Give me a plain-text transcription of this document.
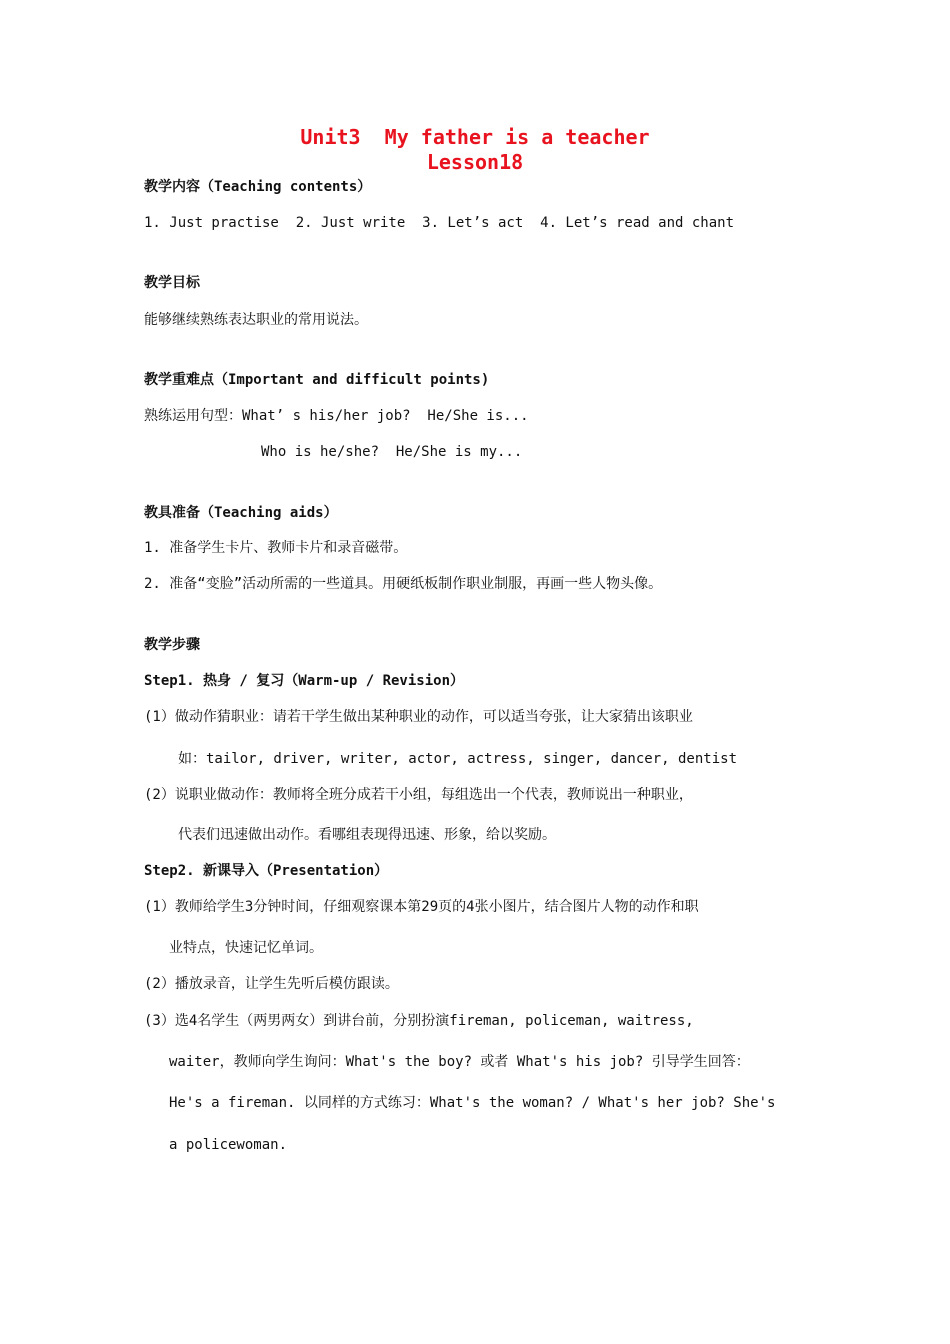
Unit3  My father is a teacher
Lesson18
教学内容（Teaching contents）
1. Just practise  2. Just write  3. Let’s act  4. Let’s read and chant
教学目标
能够继续熟练表达职业的常用说法。
教学重难点（Important and difficult points)
熟练运用句型：What’ s his/her job?  He/She is...
Who is he/she?  He/She is my...
教具准备（Teaching aids）
1. 准备学生卡片、教师卡片和录音磁带。
2. 准备“变脸”活动所需的一些道具。用硬纸板制作职业制服，再画一些人物头像。
教学步骤
Step1. 热身 / 复习（Warm-up / Revision）
(1）做动作猜职业：请若干学生做出某种职业的动作，可以适当夸张，让大家猜出该职业
如：tailor, driver, writer, actor, actress, singer, dancer, dentist
(2）说职业做动作：教师将全班分成若干小组，每组选出一个代表，教师说出一种职业，
代表们迅速做出动作。看哪组表现得迅速、形象，给以奖励。
Step2. 新课导入（Presentation）
(1）教师给学生3分钟时间，仔细观察课本第29页的4张小图片，结合图片人物的动作和职
业特点，快速记忆单词。
(2）播放录音，让学生先听后模仿跟读。
(3）选4名学生（两男两女）到讲台前，分别扮演fireman, policeman, waitress,
waiter，教师向学生询问：What's the boy? 或者 What's his job? 引导学生回答：
He's a fireman. 以同样的方式练习：What's the woman? / What's her job? She's
a policewoman.
